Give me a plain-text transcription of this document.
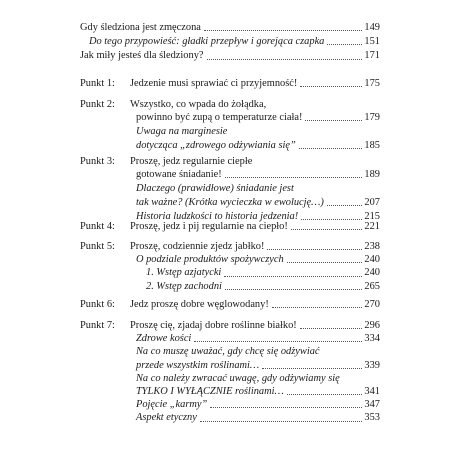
Gdy śledziona jest zmęczona	149
Do tego przypowieść: gładki przepływ i gorejąca czapka	151
Jak miły jesteś dla śledziony?	171
Punkt 1:	Jedzenie musi sprawiać ci przyjemność!	175
Punkt 2:	Wszystko, co wpada do żołądka,
powinno być zupą o temperaturze ciała!	179
Uwaga na marginesie
dotycząca „zdrowego odżywiania się”	185
Punkt 3:	Proszę, jedz regularnie ciepłe
gotowane śniadanie!	189
Dlaczego (prawidłowe) śniadanie jest
tak ważne? (Krótka wycieczka w ewolucję…)	207
Historia ludzkości to historia jedzenia!	215
Punkt 4:	Proszę, jedz i pij regularnie na ciepło!	221
Punkt 5:	Proszę, codziennie zjedz jabłko!	238
O podziale produktów spożywczych	240
1. Wstęp azjatycki	240
2. Wstęp zachodni	265
Punkt 6:	Jedz proszę dobre węglowodany!	270
Punkt 7:	Proszę cię, zjadaj dobre roślinne białko!	296
Zdrowe kości	334
Na co muszę uważać, gdy chcę się odżywiać
przede wszystkim roślinami…	339
Na co należy zwracać uwagę, gdy odżywiamy się
TYLKO I WYŁĄCZNIE roślinami…	341
Pojęcie „karmy”	347
Aspekt etyczny	353
